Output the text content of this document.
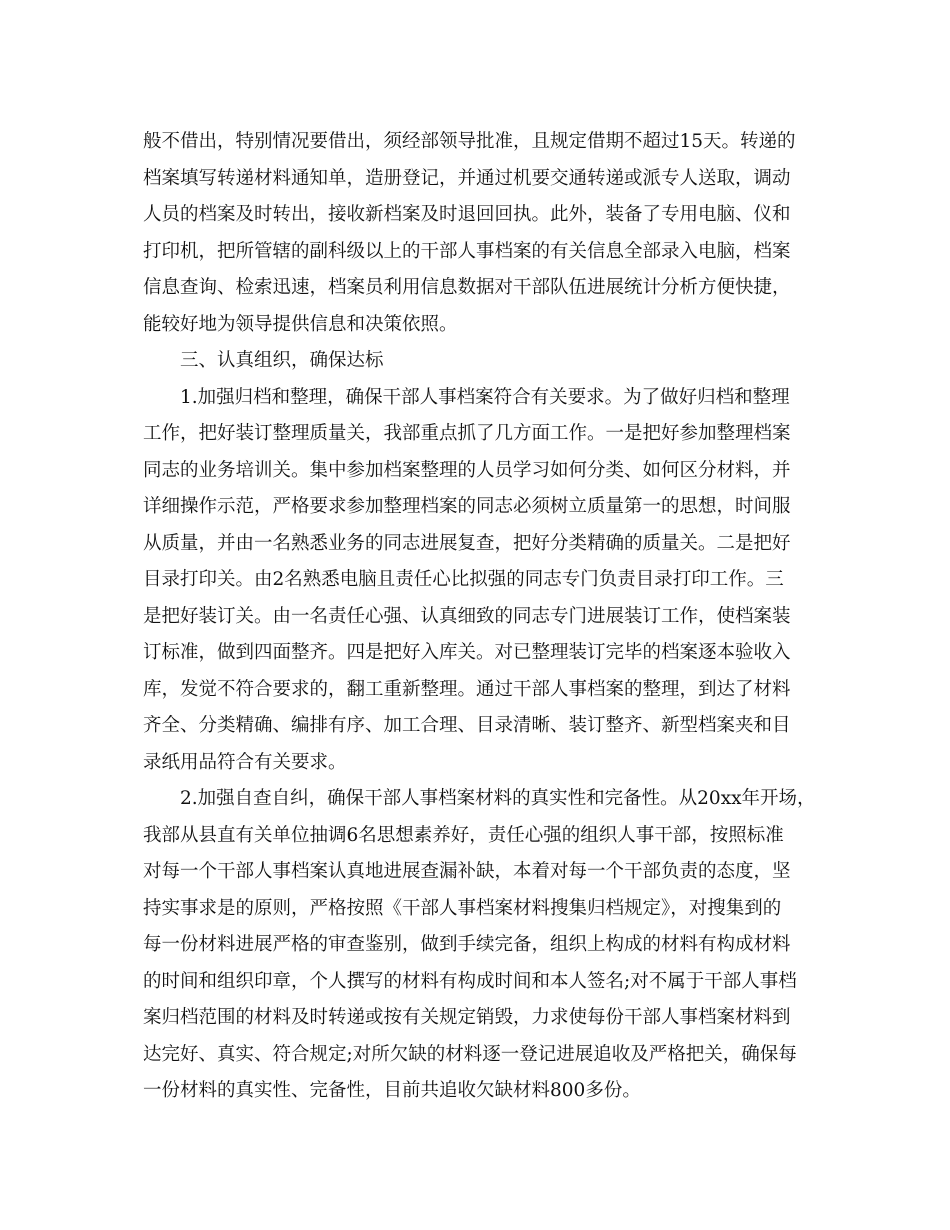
般不借出，特别情况要借出，须经部领导批准，且规定借期不超过15天。转递的
档案填写转递材料通知单，造册登记，并通过机要交通转递或派专人送取，调动
人员的档案及时转出，接收新档案及时退回回执。此外，装备了专用电脑、仪和
打印机，把所管辖的副科级以上的干部人事档案的有关信息全部录入电脑，档案
信息查询、检索迅速，档案员利用信息数据对干部队伍进展统计分析方便快捷，
能较好地为领导提供信息和决策依照。
三、认真组织，确保达标
1.加强归档和整理，确保干部人事档案符合有关要求。为了做好归档和整理
工作，把好装订整理质量关，我部重点抓了几方面工作。一是把好参加整理档案
同志的业务培训关。集中参加档案整理的人员学习如何分类、如何区分材料，并
详细操作示范，严格要求参加整理档案的同志必须树立质量第一的思想，时间服
从质量，并由一名熟悉业务的同志进展复查，把好分类精确的质量关。二是把好
目录打印关。由2名熟悉电脑且责任心比拟强的同志专门负责目录打印工作。三
是把好装订关。由一名责任心强、认真细致的同志专门进展装订工作，使档案装
订标准，做到四面整齐。四是把好入库关。对已整理装订完毕的档案逐本验收入
库，发觉不符合要求的，翻工重新整理。通过干部人事档案的整理，到达了材料
齐全、分类精确、编排有序、加工合理、目录清晰、装订整齐、新型档案夹和目
录纸用品符合有关要求。
2.加强自查自纠，确保干部人事档案材料的真实性和完备性。从20xx年开场，
我部从县直有关单位抽调6名思想素养好，责任心强的组织人事干部，按照标准
对每一个干部人事档案认真地进展查漏补缺，本着对每一个干部负责的态度，坚
持实事求是的原则，严格按照《干部人事档案材料搜集归档规定》，对搜集到的
每一份材料进展严格的审查鉴别，做到手续完备，组织上构成的材料有构成材料
的时间和组织印章，个人撰写的材料有构成时间和本人签名;对不属于干部人事档
案归档范围的材料及时转递或按有关规定销毁，力求使每份干部人事档案材料到
达完好、真实、符合规定;对所欠缺的材料逐一登记进展追收及严格把关，确保每
一份材料的真实性、完备性，目前共追收欠缺材料800多份。
